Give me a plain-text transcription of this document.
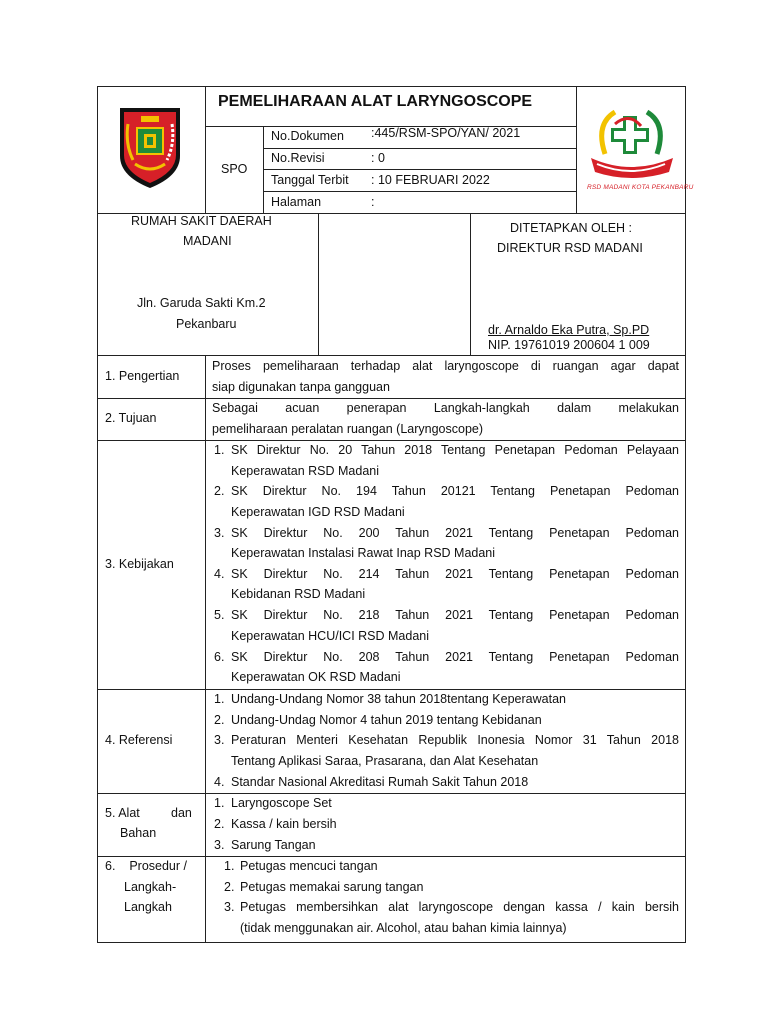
PEMELIHARAAN ALAT LARYNGOSCOPE
SPO
No.Dokumen :445/RSM-SPO/YAN/ 2021
No.Revisi	: 0
Tanggal Terbit : 10 FEBRUARI 2022
Halaman	:
RSD MADANI KOTA PEKANBARU
RUMAH SAKIT DAERAH
MADANI
Jln. Garuda Sakti Km.2
Pekanbaru
DITETAPKAN OLEH :
DIREKTUR RSD MADANI
dr. Arnaldo Eka Putra, Sp.PD
NIP. 19761019 200604 1 009
1. Pengertian
Proses pemeliharaan terhadap alat laryngoscope di ruangan agar dapat
siap digunakan tanpa gangguan
2. Tujuan
Sebagai acuan penerapan Langkah-langkah dalam melakukan
pemeliharaan peralatan ruangan (Laryngoscope)
3. Kebijakan
1. SK Direktur No. 20 Tahun 2018 Tentang Penetapan Pedoman Pelayaan
Keperawatan RSD Madani
2. SK Direktur No. 194 Tahun 20121 Tentang Penetapan Pedoman
Keperawatan IGD RSD Madani
3. SK Direktur No. 200 Tahun 2021 Tentang Penetapan Pedoman
Keperawatan Instalasi Rawat Inap RSD Madani
4. SK Direktur No. 214 Tahun 2021 Tentang Penetapan Pedoman
Kebidanan RSD Madani
5. SK Direktur No. 218 Tahun 2021 Tentang Penetapan Pedoman
Keperawatan HCU/ICI RSD Madani
6. SK Direktur No. 208 Tahun 2021 Tentang Penetapan Pedoman
Keperawatan OK RSD Madani
4. Referensi
1. Undang-Undang Nomor 38 tahun 2018tentang Keperawatan
2. Undang-Undag Nomor 4 tahun 2019 tentang Kebidanan
3. Peraturan Menteri Kesehatan Republik Inonesia Nomor 31 Tahun 2018
Tentang Aplikasi Saraa, Prasarana, dan Alat Kesehatan
4. Standar Nasional Akreditasi Rumah Sakit Tahun 2018
5. Alat         dan
Bahan
1. Laryngoscope Set
2. Kassa / kain bersih
3. Sarung Tangan
6.    Prosedur /
Langkah-
Langkah
1. Petugas mencuci tangan
2. Petugas memakai sarung tangan
3. Petugas membersihkan alat laryngoscope dengan kassa / kain bersih
(tidak menggunakan air. Alcohol, atau bahan kimia lainnya)
